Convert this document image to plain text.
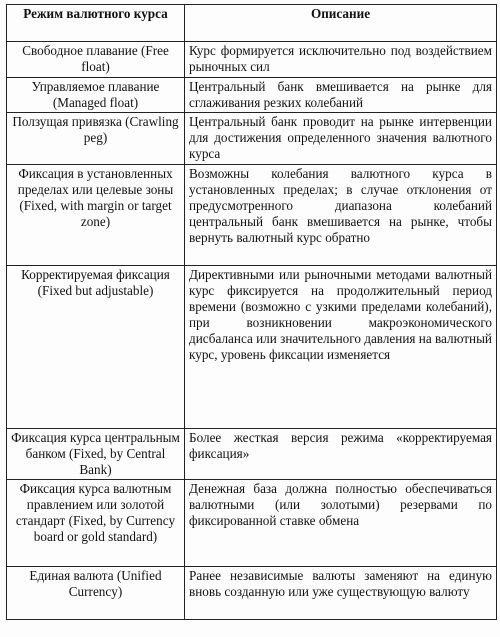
Режим валютного курса	Описание
Свободное плавание (Free float)	Курс формируется исключительно под воздействием рыночных сил
Управляемое плавание (Managed float)	Центральный банк вмешивается на рынке для сглаживания резких колебаний
Ползущая привязка (Crawling peg)	Центральный банк проводит на рынке интервенции для достижения определенного значения валютного курса
Фиксация в установленных пределах или целевые зоны (Fixed, with margin or target zone)	Возможны колебания валютного курса в установленных пределах; в случае отклонения от предусмотренного диапазона колебаний центральный банк вмешивается на рынке, чтобы вернуть валютный курс обратно
Корректируемая фиксация (Fixed but adjustable)	Директивными или рыночными методами валютный курс фиксируется на продолжительный период времени (возможно с узкими пределами колебаний), при возникновении макроэкономического дисбаланса или значительного давления на валютный курс, уровень фиксации изменяется
Фиксация курса центральным банком (Fixed, by Central Bank)	Более жесткая версия режима «корректируемая фиксация»
Фиксация курса валютным правлением или золотой стандарт (Fixed, by Currency board or gold standard)	Денежная база должна полностью обеспечиваться валютными (или золотыми) резервами по фиксированной ставке обмена
Единая валюта (Unified Currency)	Ранее независимые валюты заменяют на единую вновь созданную или уже существующую валюту
